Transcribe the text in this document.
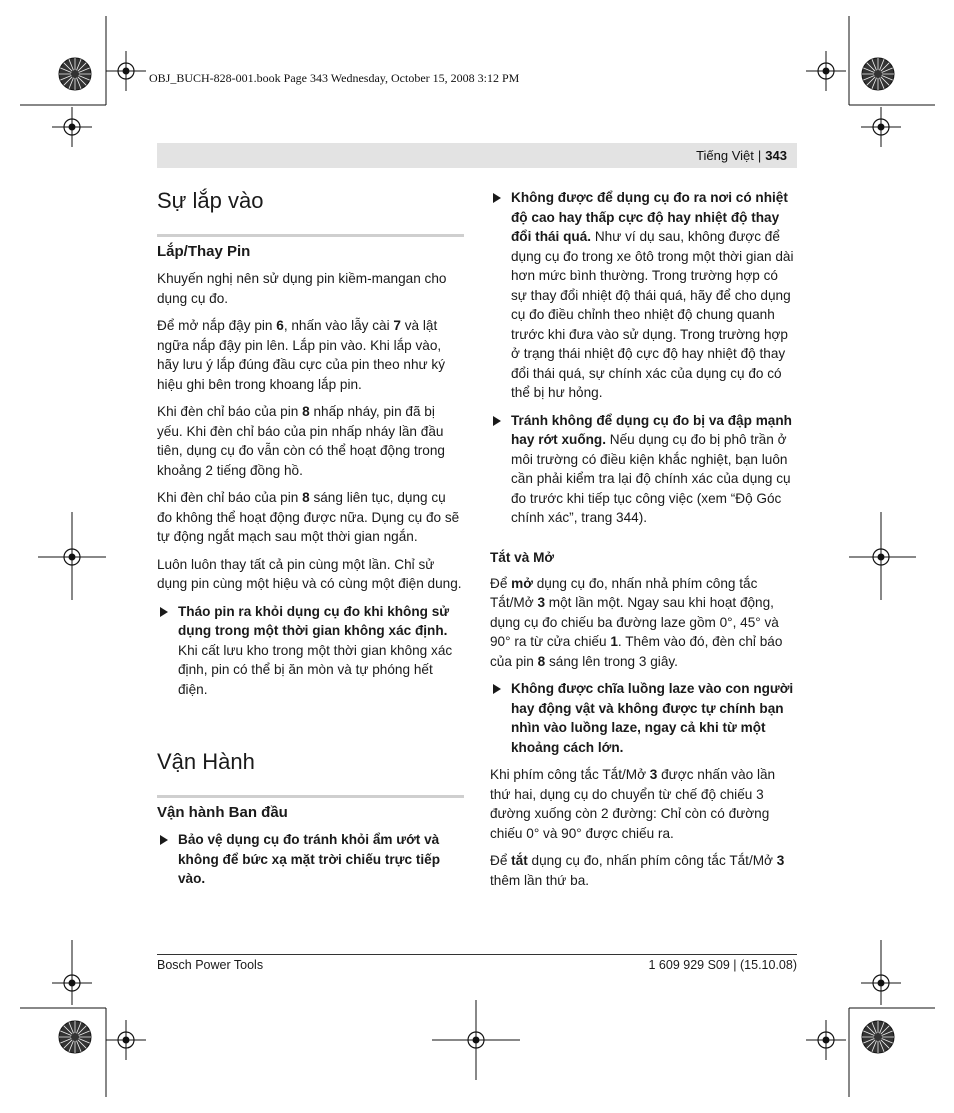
OBJ_BUCH-828-001.book Page 343 Wednesday, October 15, 2008 3:12 PM
Tiếng Việt | 343
Sự lắp vào
Lắp/Thay Pin

Khuyến nghị nên sử dụng pin kiềm-mangan cho dụng cụ đo.

Để mở nắp đậy pin 6, nhấn vào lẫy cài 7 và lật ngữa nắp đậy pin lên. Lắp pin vào. Khi lắp vào, hãy lưu ý lắp đúng đầu cực của pin theo như ký hiệu ghi bên trong khoang lắp pin.

Khi đèn chỉ báo của pin 8 nhấp nháy, pin đã bị yếu. Khi đèn chỉ báo của pin nhấp nháy lần đầu tiên, dụng cụ đo vẫn còn có thể hoạt động trong khoảng 2 tiếng đồng hồ.

Khi đèn chỉ báo của pin 8 sáng liên tục, dụng cụ đo không thể hoạt động được nữa. Dụng cụ đo sẽ tự động ngắt mạch sau một thời gian ngắn.

Luôn luôn thay tất cả pin cùng một lần. Chỉ sử dụng pin cùng một hiệu và có cùng một điện dung.

Tháo pin ra khỏi dụng cụ đo khi không sử dụng trong một thời gian không xác định. Khi cất lưu kho trong một thời gian không xác định, pin có thể bị ăn mòn và tự phóng hết điện.
Vận Hành
Vận hành Ban đầu
Bảo vệ dụng cụ đo tránh khỏi ẩm ướt và không để bức xạ mặt trời chiếu trực tiếp vào.
Không được để dụng cụ đo ra nơi có nhiệt độ cao hay thấp cực độ hay nhiệt độ thay đổi thái quá. Như ví dụ sau, không được để dụng cụ đo trong xe ôtô trong một thời gian dài hơn mức bình thường. Trong trường hợp có sự thay đổi nhiệt độ thái quá, hãy để cho dụng cụ đo điều chỉnh theo nhiệt độ chung quanh trước khi đưa vào sử dụng. Trong trường hợp ở trạng thái nhiệt độ cực độ hay nhiệt độ thay đổi thái quá, sự chính xác của dụng cụ đo có thể bị hư hỏng.
Tránh không để dụng cụ đo bị va đập mạnh hay rớt xuống. Nếu dụng cụ đo bị phô trần ở môi trường có điều kiện khắc nghiệt, bạn luôn cần phải kiểm tra lại độ chính xác của dụng cụ đo trước khi tiếp tục công việc (xem “Độ Góc chính xác”, trang 344).
Tắt và Mở

Để mở dụng cụ đo, nhấn nhả phím công tắc Tắt/Mở 3 một lần một. Ngay sau khi hoạt động, dụng cụ đo chiếu ba đường laze gồm 0°, 45° và 90° ra từ cửa chiếu 1. Thêm vào đó, đèn chỉ báo của pin 8 sáng lên trong 3 giây.

Không được chĩa luồng laze vào con người hay động vật và không được tự chính bạn nhìn vào luồng laze, ngay cả khi từ một khoảng cách lớn.

Khi phím công tắc Tắt/Mở 3 được nhấn vào lần thứ hai, dụng cụ do chuyển từ chế độ chiếu 3 đường xuống còn 2 đường: Chỉ còn có đường chiếu 0° và 90° được chiếu ra.

Để tắt dụng cụ đo, nhấn phím công tắc Tắt/Mở 3 thêm lần thứ ba.

Bosch Power Tools	1 609 929 S09 | (15.10.08)
